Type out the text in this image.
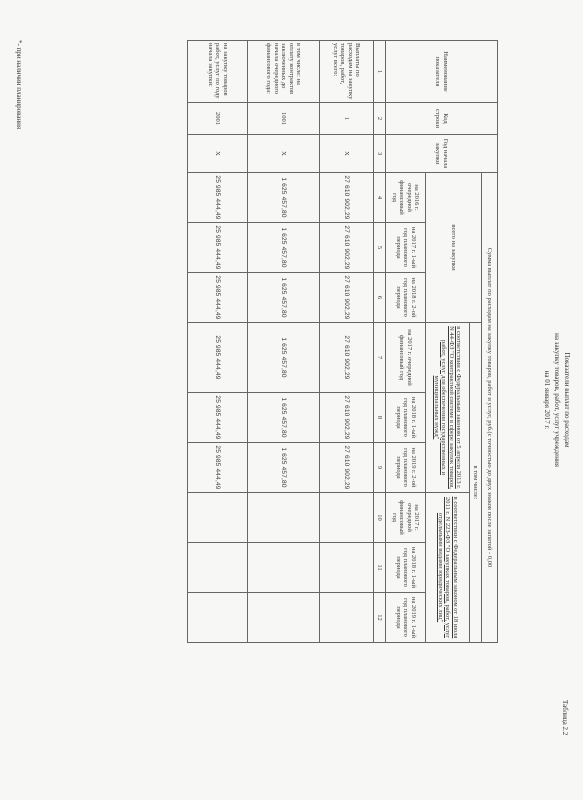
Таблица 2.2
Показатели выплат по расходам
на закупку товаров, работ, услуг учреждения
на 01 января 2017 г.
Наименование показателя	Код строки	Год начала закупки	Сумма выплат по расходам на закупку товаров, работ и услуг, руб.(с точностью до двух знаков после запятой - 0,00								
			всего на закупки			в том числе:					
						в соответствии с Федеральным законом от 5 апреля 2013 г. N 44-ФЗ "О контрактной системе в сфере закупок товаров, работ, услуг для обеспечения государственных и муниципальных нужд"			в соответствии с Федеральным законом от 18 июля 2011 г. N 223-ФЗ "О закупках товаров, работ, услуг отдельными видами юридических лиц"		
			на 2016 г. очередной финансовый год	на 2017 г. 1-ый год планового периода	на 2018 г. 2-ой год планового периода	на 2017 г. очередной финансовый год	на 2018 г. 1-ый год планового периода	на 2019 г. 2-ой год планового периода	на 2017 г. очередной финансовый год	на 2018 г. 1-ый год планового периода	на 2019 г. 1-ый год планового периода
1	2	3	4	5	6	7	8	9	10	11	12
Выплаты по расходам на закупку товаров, работ, услуг всего:	1	X	27 610 902,29	27 610 902,29	27 610 902,29	27 610 902,29	27 610 902,29	27 610 902,29			
в том числе: на оплату контрактов заключенных до начала очередного финансового года:	1001	X	1 625 457,80	1 625 457,80	1 625 457,80	1 625 457,80	1 625 457,80	1 625 457,80			
на закупку товаров работ, услуг по году начала закупки:	2001	X	25 985 444,49	25 985 444,49	25 985 444,49	25 985 444,49	25 985 444,49	25 985 444,49			
*- при наличии планирования
